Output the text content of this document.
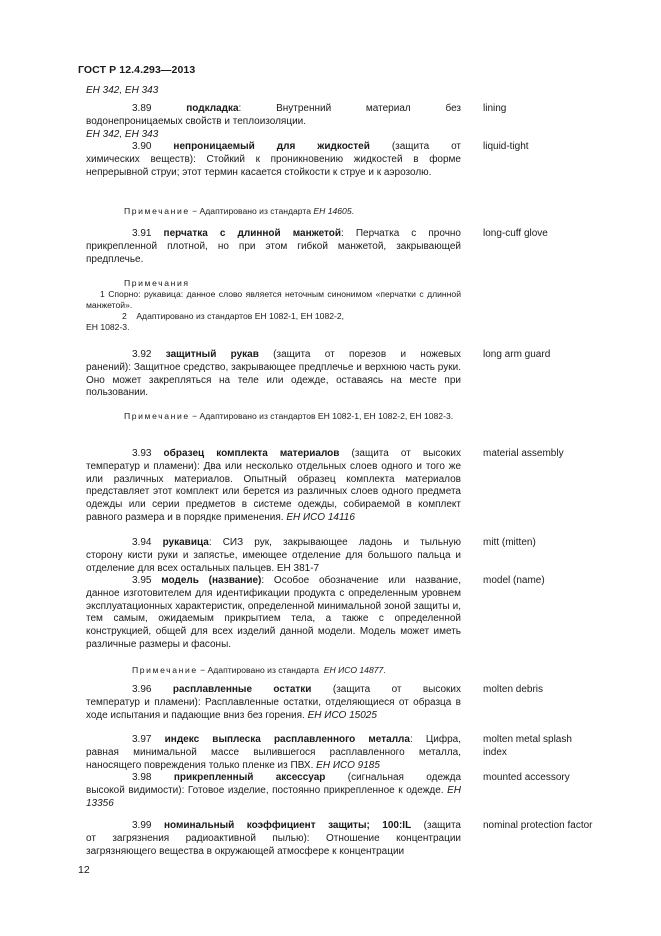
ГОСТ Р 12.4.293—2013
ЕН 342, ЕН 343
3.89	подкладка:	Внутренний материал без
водонепроницаемых свойств и теплоизоляции.
ЕН 342, ЕН 343
lining
3.90 непроницаемый для жидкостей (защита от
химических веществ): Стойкий к проникновению жидкостей в форме непрерывной струи; этот термин касается стойкости к струе и к аэрозолю.
liquid-tight
Примечание − Адаптировано из стандарта ЕН 14605.
3.91 перчатка с длинной манжетой: Перчатка с прочно
прикрепленной плотной, но при этом гибкой манжетой, закрывающей предплечье.
long-cuff glove
Примечания
1 Спорно: рукавица: данное слово является неточным синонимом «перчатки с длинной манжетой».
2    Адаптировано из стандартов ЕН 1082-1, ЕН 1082-2,
ЕН 1082-3.
3.92 защитный рукав (защита от порезов и ножевых
ранений): Защитное средство, закрывающее предплечье и верхнюю часть руки. Оно может закрепляться на теле или одежде, оставаясь на месте при пользовании.
long arm guard
Примечание − Адаптировано из стандартов ЕН 1082-1, ЕН 1082-2, ЕН 1082-3.
3.93 образец комплекта материалов (защита от высоких
температур и пламени): Два или несколько отдельных слоев одного и того же или различных материалов. Опытный образец комплекта материалов представляет этот комплект или берется из различных слоев одного предмета одежды или серии предметов в системе одежды, собираемой в комплект равного размера и в порядке применения. ЕН ИСО 14116
material assembly
3.94 рукавица: СИЗ рук, закрывающее ладонь и тыльную
сторону кисти руки и запястье, имеющее отделение для большого пальца и отделение для всех остальных пальцев. ЕН 381-7
mitt (mitten)
3.95 модель (название): Особое обозначение или название,
данное изготовителем для идентификации продукта с определенным уровнем эксплуатационных характеристик, определенной минимальной зоной защиты и, тем самым, ожидаемым прикрытием тела, а также с определенной конструкцией, общей для всех изделий данной модели. Модель может иметь различные размеры и фасоны.
model (name)
Примечание − Адаптировано из стандарта  ЕН ИСО 14877.
3.96 расплавленные остатки (защита от высоких
температур и пламени): Расплавленные остатки, отделяющиеся от образца в ходе испытания и падающие вниз без горения. ЕН ИСО 15025
molten debris
3.97 индекс выплеска расплавленного металла: Цифра,
равная минимальной массе вылившегося расплавленного металла, наносящего повреждения только пленке из ПВХ. ЕН ИСО 9185
molten metal splash
index
3.98 прикрепленный аксессуар (сигнальная одежда
высокой видимости): Готовое изделие, постоянно прикрепленное к одежде. ЕН 13356
mounted accessory
3.99 номинальный коэффициент защиты; 100:IL (защита
от загрязнения радиоактивной пылью): Отношение концентрации загрязняющего вещества в окружающей атмосфере к концентрации
nominal protection factor
12
